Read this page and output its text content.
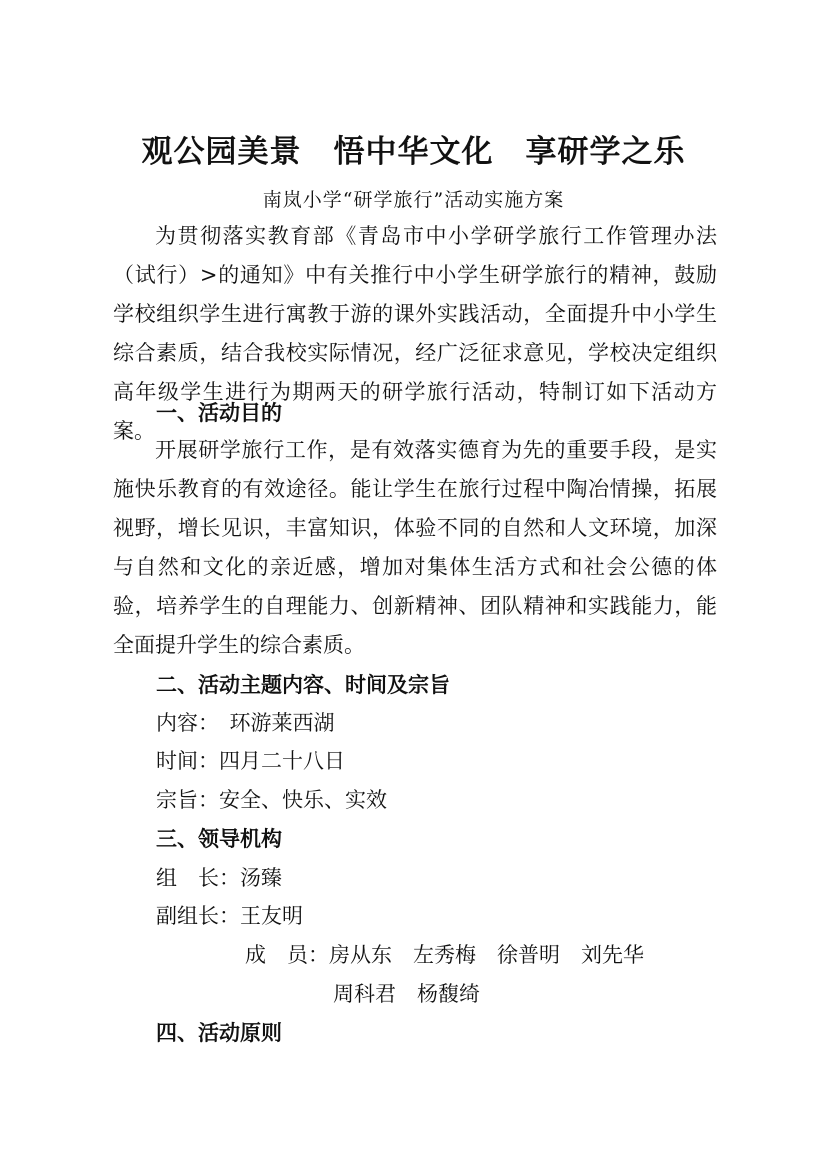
观公园美景　悟中华文化　享研学之乐
南岚小学“研学旅行”活动实施方案

为贯彻落实教育部《青岛市中小学研学旅行工作管理办法（试行）>的通知》中有关推行中小学生研学旅行的精神，鼓励学校组织学生进行寓教于游的课外实践活动，全面提升中小学生综合素质，结合我校实际情况，经广泛征求意见，学校决定组织高年级学生进行为期两天的研学旅行活动，特制订如下活动方案。

一、活动目的

开展研学旅行工作，是有效落实德育为先的重要手段，是实施快乐教育的有效途径。能让学生在旅行过程中陶冶情操，拓展视野，增长见识，丰富知识，体验不同的自然和人文环境，加深与自然和文化的亲近感，增加对集体生活方式和社会公德的体验，培养学生的自理能力、创新精神、团队精神和实践能力，能全面提升学生的综合素质。

二、活动主题内容、时间及宗旨
内容：　环游莱西湖
时间：四月二十八日
宗旨：安全、快乐、实效
三、领导机构
组　长：汤臻
副组长：王友明
成　员：房从东　左秀梅　徐普明　刘先华
周科君　杨馥绮
四、活动原则
